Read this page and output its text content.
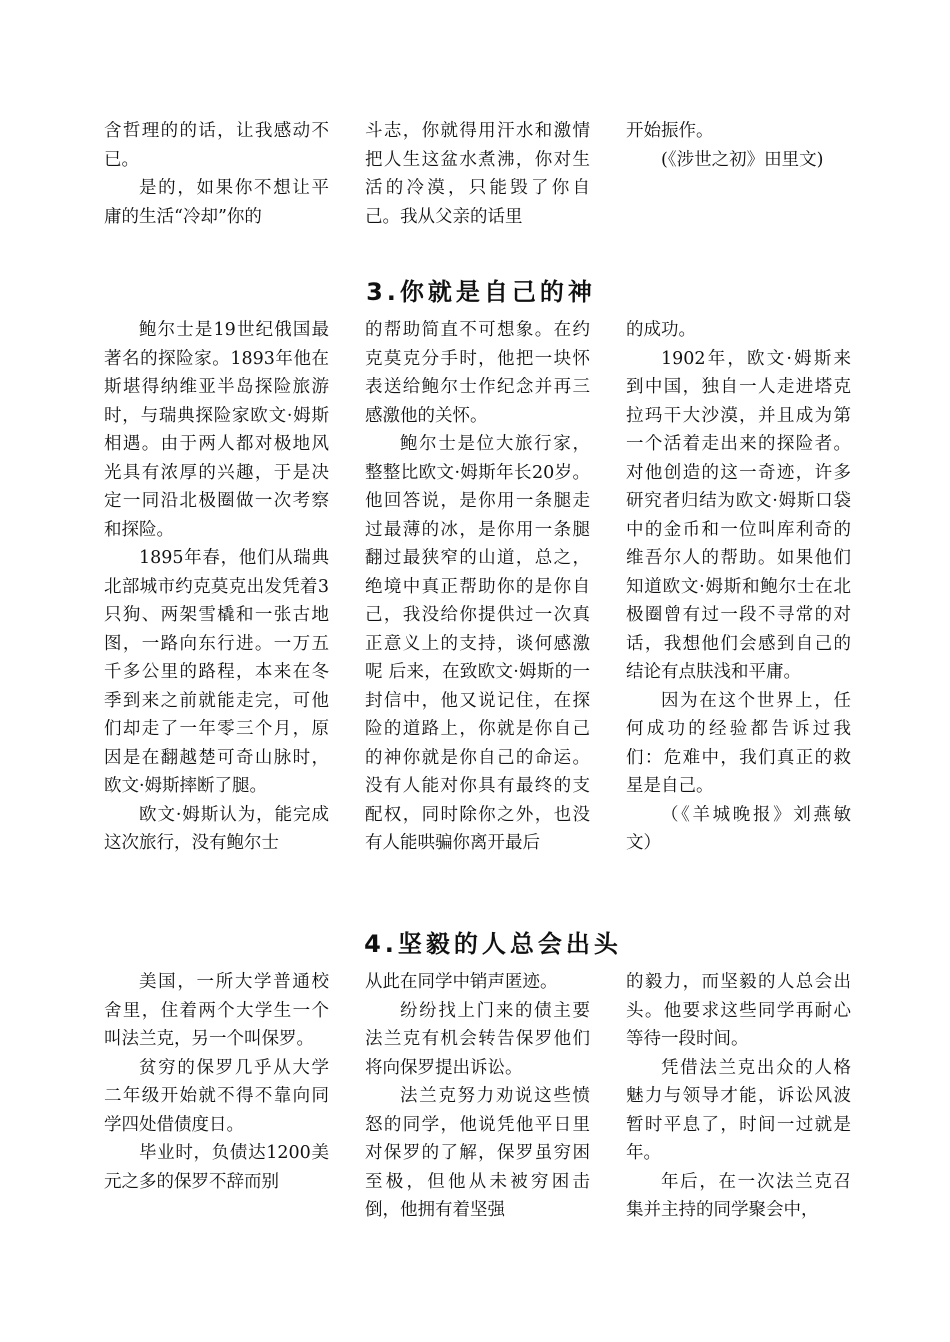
含哲理的的话，让我感动不已。

是的，如果你不想让平庸的生活“冷却”你的

斗志，你就得用汗水和激情把人生这盆水煮沸，你对生活的冷漠，只能毁了你自己。我从父亲的话里

开始振作。

(《涉世之初》田里文)

3.你就是自己的神

鲍尔士是19世纪俄国最著名的探险家。1893年他在斯堪得纳维亚半岛探险旅游时，与瑞典探险家欧文·姆斯相遇。由于两人都对极地风光具有浓厚的兴趣，于是决定一同沿北极圈做一次考察和探险。

1895年春，他们从瑞典北部城市约克莫克出发凭着3只狗、两架雪橇和一张古地图，一路向东行进。一万五千多公里的路程，本来在冬季到来之前就能走完，可他们却走了一年零三个月，原因是在翻越楚可奇山脉时，欧文·姆斯摔断了腿。

欧文·姆斯认为，能完成这次旅行，没有鲍尔士

的帮助简直不可想象。在约克莫克分手时，他把一块怀表送给鲍尔士作纪念并再三感激他的关怀。

鲍尔士是位大旅行家，整整比欧文·姆斯年长20岁。他回答说，是你用一条腿走过最薄的冰，是你用一条腿翻过最狭窄的山道，总之，绝境中真正帮助你的是你自己，我没给你提供过一次真正意义上的支持，谈何感激呢 后来，在致欧文·姆斯的一封信中，他又说记住，在探险的道路上，你就是你自己的神你就是你自己的命运。没有人能对你具有最终的支配权，同时除你之外，也没有人能哄骗你离开最后

的成功。

1902年，欧文·姆斯来到中国，独自一人走进塔克拉玛干大沙漠，并且成为第一个活着走出来的探险者。对他创造的这一奇迹，许多研究者归结为欧文·姆斯口袋中的金币和一位叫库利奇的维吾尔人的帮助。如果他们知道欧文·姆斯和鲍尔士在北极圈曾有过一段不寻常的对话，我想他们会感到自己的结论有点肤浅和平庸。

因为在这个世界上，任何成功的经验都告诉过我们：危难中，我们真正的救星是自己。

（《羊城晚报》刘燕敏 文）

4.坚毅的人总会出头

美国，一所大学普通校舍里，住着两个大学生一个叫法兰克，另一个叫保罗。

贫穷的保罗几乎从大学二年级开始就不得不靠向同学四处借债度日。

毕业时，负债达1200美元之多的保罗不辞而别

从此在同学中销声匿迹。

纷纷找上门来的债主要法兰克有机会转告保罗他们将向保罗提出诉讼。

法兰克努力劝说这些愤怒的同学，他说凭他平日里对保罗的了解，保罗虽穷困至极，但他从未被穷困击倒，他拥有着坚强

的毅力，而坚毅的人总会出头。他要求这些同学再耐心等待一段时间。

凭借法兰克出众的人格魅力与领导才能，诉讼风波暂时平息了，时间一过就是年。

年后，在一次法兰克召集并主持的同学聚会中，
